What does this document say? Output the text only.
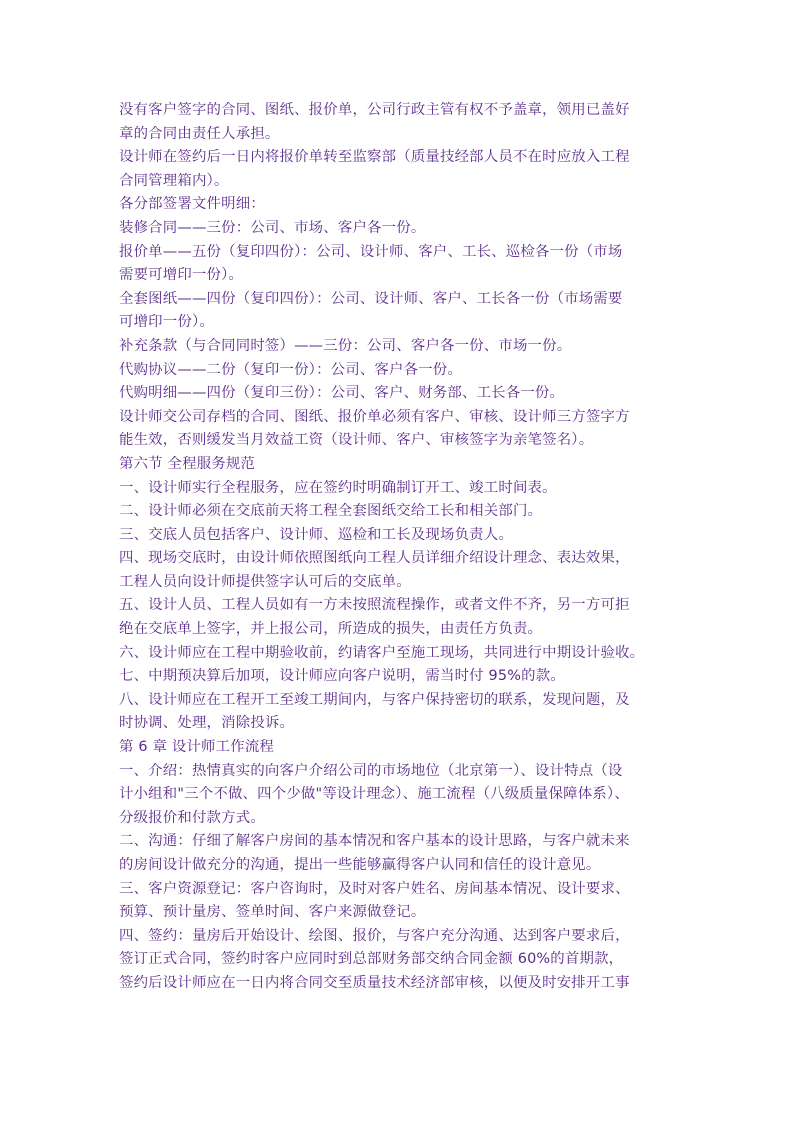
没有客户签字的合同、图纸、报价单，公司行政主管有权不予盖章，领用已盖好
章的合同由责任人承担。
设计师在签约后一日内将报价单转至监察部（质量技经部人员不在时应放入工程
合同管理箱内）。
各分部签署文件明细：
装修合同——三份：公司、市场、客户各一份。
报价单——五份（复印四份）：公司、设计师、客户、工长、巡检各一份（市场
需要可增印一份）。
全套图纸——四份（复印四份）：公司、设计师、客户、工长各一份（市场需要
可增印一份）。
补充条款（与合同同时签）——三份：公司、客户各一份、市场一份。
代购协议——二份（复印一份）：公司、客户各一份。
代购明细——四份（复印三份）：公司、客户、财务部、工长各一份。
设计师交公司存档的合同、图纸、报价单必须有客户、审核、设计师三方签字方
能生效，否则缓发当月效益工资（设计师、客户、审核签字为亲笔签名）。
第六节 全程服务规范
一、设计师实行全程服务，应在签约时明确制订开工、竣工时间表。
二、设计师必须在交底前天将工程全套图纸交给工长和相关部门。
三、交底人员包括客户、设计师、巡检和工长及现场负责人。
四、现场交底时，由设计师依照图纸向工程人员详细介绍设计理念、表达效果，
工程人员向设计师提供签字认可后的交底单。
五、设计人员、工程人员如有一方未按照流程操作，或者文件不齐，另一方可拒
绝在交底单上签字，并上报公司，所造成的损失，由责任方负责。
六、设计师应在工程中期验收前，约请客户至施工现场，共同进行中期设计验收。
七、中期预决算后加项，设计师应向客户说明，需当时付 95%的款。
八、设计师应在工程开工至竣工期间内，与客户保持密切的联系，发现问题，及
时协调、处理，消除投诉。
第 6 章 设计师工作流程
一、介绍：热情真实的向客户介绍公司的市场地位（北京第一）、设计特点（设
计小组和"三个不做、四个少做"等设计理念）、施工流程（八级质量保障体系）、
分级报价和付款方式。
二、沟通：仔细了解客户房间的基本情况和客户基本的设计思路，与客户就未来
的房间设计做充分的沟通，提出一些能够赢得客户认同和信任的设计意见。
三、客户资源登记：客户咨询时，及时对客户姓名、房间基本情况、设计要求、
预算、预计量房、签单时间、客户来源做登记。
四、签约：量房后开始设计、绘图、报价，与客户充分沟通、达到客户要求后，
签订正式合同，签约时客户应同时到总部财务部交纳合同金额 60%的首期款，
签约后设计师应在一日内将合同交至质量技术经济部审核，以便及时安排开工事
